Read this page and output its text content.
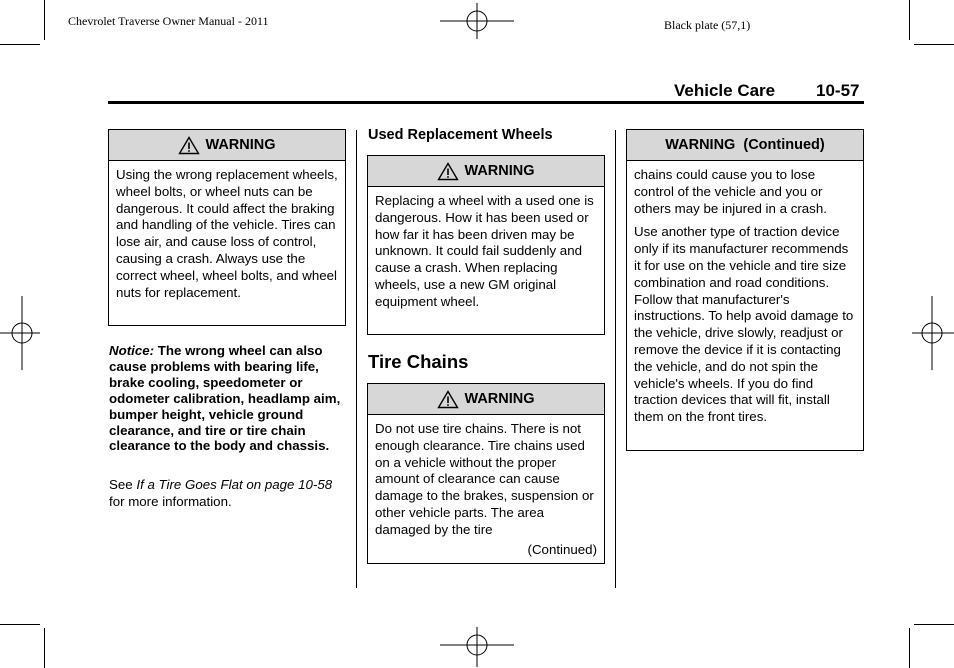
Chevrolet Traverse Owner Manual - 2011	Black plate (57,1)
Vehicle Care 10-57
WARNING

Using the wrong replacement wheels, wheel bolts, or wheel nuts can be dangerous. It could affect the braking and handling of the vehicle. Tires can lose air, and cause loss of control, causing a crash. Always use the correct wheel, wheel bolts, and wheel nuts for replacement.

Notice: The wrong wheel can also cause problems with bearing life, brake cooling, speedometer or odometer calibration, headlamp aim, bumper height, vehicle ground clearance, and tire or tire chain clearance to the body and chassis.
See If a Tire Goes Flat on page 10-58 for more information.
Used Replacement Wheels
WARNING

Replacing a wheel with a used one is dangerous. How it has been used or how far it has been driven may be unknown. It could fail suddenly and cause a crash. When replacing wheels, use a new GM original equipment wheel.

Tire Chains
WARNING

Do not use tire chains. There is not enough clearance. Tire chains used on a vehicle without the proper amount of clearance can cause damage to the brakes, suspension or other vehicle parts. The area damaged by the tire

(Continued)
WARNING  (Continued)

chains could cause you to lose control of the vehicle and you or others may be injured in a crash.

Use another type of traction device only if its manufacturer recommends it for use on the vehicle and tire size combination and road conditions. Follow that manufacturer's instructions. To help avoid damage to the vehicle, drive slowly, readjust or remove the device if it is contacting the vehicle, and do not spin the vehicle's wheels. If you do find traction devices that will fit, install them on the front tires.
